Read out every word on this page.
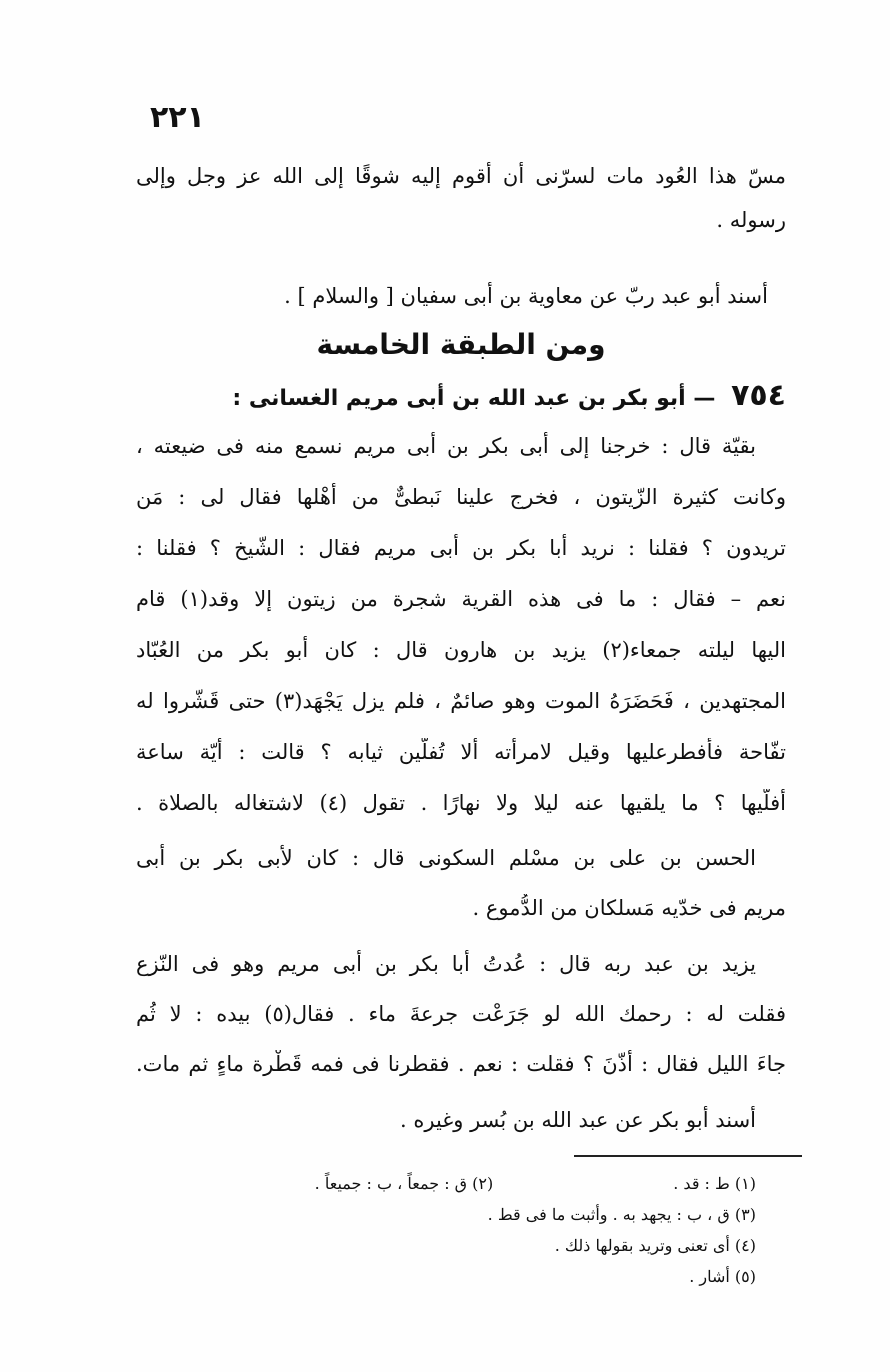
٢٢١
مسّ هذا العُود مات لسرّنى أن أقوم إليه شوقًا إلى الله عز وجل وإلى
رسوله .
أسند أبو عبد ربّ عن معاوية بن أبى سفيان [ والسلام ] .
ومن الطبقة الخامسة
٧٥٤ — أبو بكر بن عبد الله بن أبى مريم الغسانى :
بقيّة قال : خرجنا إلى أبى بكر بن أبى مريم نسمع منه فى ضيعته ،
وكانت كثيرة الزّيتون ، فخرج علينا نَبطىٌّ من أَهْلها فقال لى : مَن
تريدون ؟ فقلنا : نريد أبا بكر بن أبى مريم فقال : الشّيخ ؟ فقلنا :
نعم – فقال : ما فى هذه القرية شجرة من زيتون إلا وقد(١) قام
اليها ليلته جمعاء(٢) يزيد بن هارون قال : كان أبو بكر من العُبّاد
المجتهدين ، فَحَضَرَهُ الموت وهو صائمٌ ، فلم يزل يَجْهَد(٣) حتى قَشّروا له
تفّاحة فأفطرعليها وقيل لامرأته ألا تُفلّين ثيابه ؟ قالت : أيّة ساعة
أفلّيها ؟ ما يلقيها عنه ليلا ولا نهارًا . تقول (٤) لاشتغاله بالصلاة .
الحسن بن على بن مسْلم السكونى قال : كان لأبى بكر بن أبى
مريم فى خدّيه مَسلكان من الدُّموع .
يزيد بن عبد ربه قال : عُدتُ أبا بكر بن أبى مريم وهو فى النّزع
فقلت له : رحمك الله لو جَرَعْت جرعةَ ماء . فقال(٥) بيده : لا ثُم
جاءَ الليل فقال : أَذّنَ ؟ فقلت : نعم . فقطرنا فى فمه قَطْرة ماءٍ ثم مات.
أسند أبو بكر عن عبد الله بن بُسر وغيره .
(١) ط : قد .
(٢) ق : جمعاً ، ب : جميعاً .
(٣) ق ، ب : يجهد به . وأثبت ما فى قط .
(٤) أى تعنى وتريد بقولها ذلك .
(٥) أشار .
